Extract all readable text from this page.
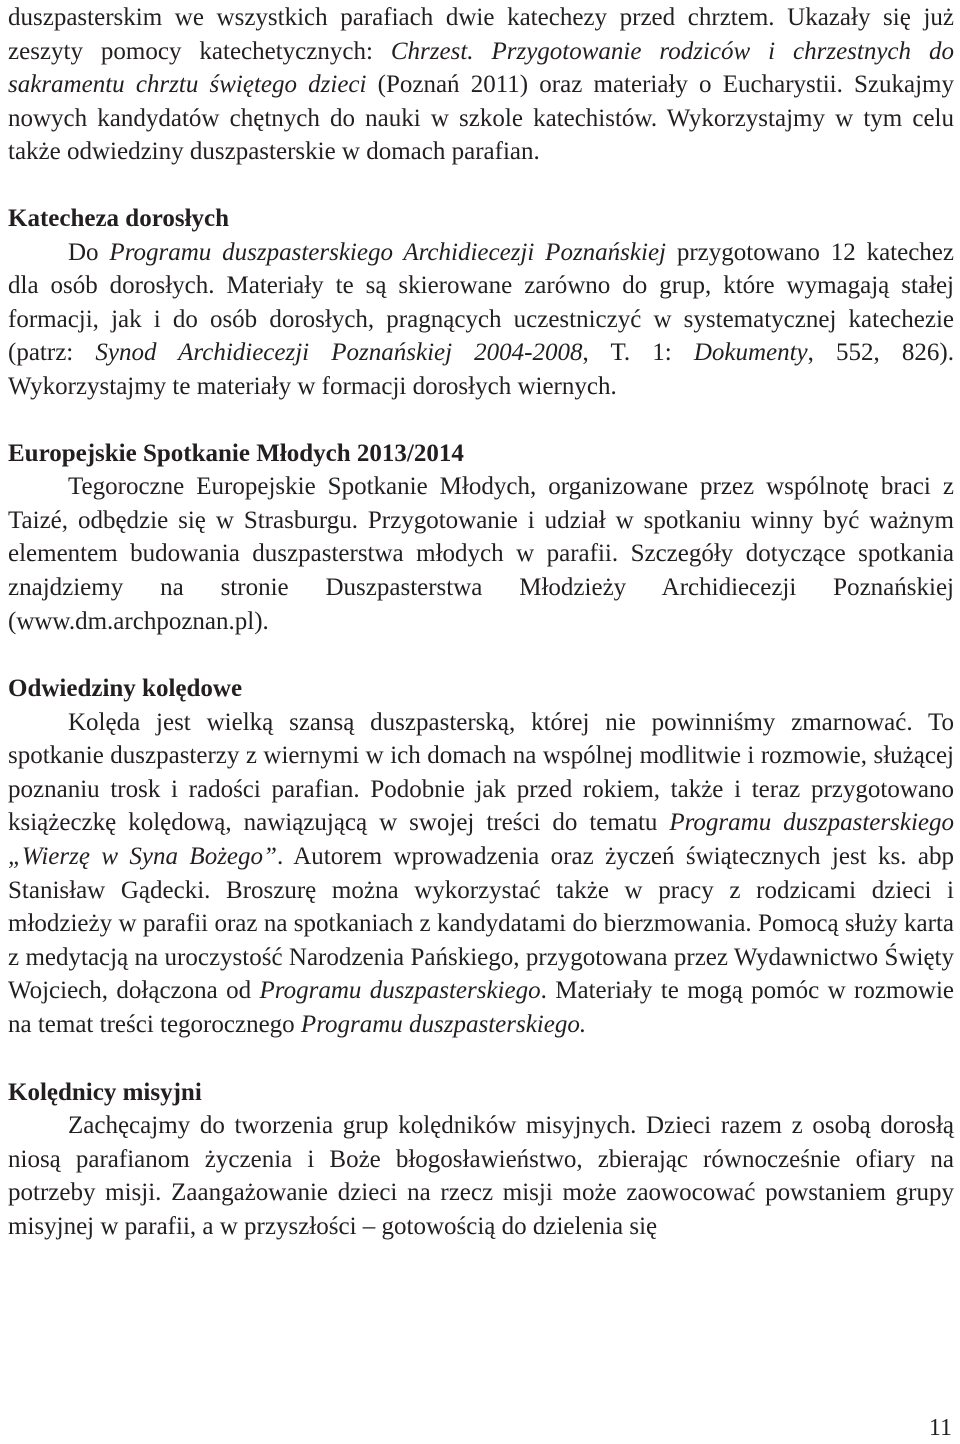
duszpasterskim we wszystkich parafiach dwie katechezy przed chrztem. Ukazały się już zeszyty pomocy katechetycznych: Chrzest. Przygotowanie rodziców i chrzestnych do sakramentu chrztu świętego dzieci (Poznań 2011) oraz materiały o Eucharystii. Szukajmy nowych kandydatów chętnych do nauki w szkole katechistów. Wykorzystajmy w tym celu także odwiedziny duszpasterskie w domach parafian.

Katecheza dorosłych

Do Programu duszpasterskiego Archidiecezji Poznańskiej przygotowano 12 katechez dla osób dorosłych. Materiały te są skierowane zarówno do grup, które wymagają stałej formacji, jak i do osób dorosłych, pragnących uczestniczyć w systematycznej katechezie (patrz: Synod Archidiecezji Poznańskiej 2004-2008, T. 1: Dokumenty, 552, 826). Wykorzystajmy te materiały w formacji dorosłych wiernych.

Europejskie Spotkanie Młodych 2013/2014

Tegoroczne Europejskie Spotkanie Młodych, organizowane przez wspólnotę braci z Taizé, odbędzie się w Strasburgu. Przygotowanie i udział w spotkaniu winny być ważnym elementem budowania duszpasterstwa młodych w parafii. Szczegóły dotyczące spotkania znajdziemy na stronie Duszpasterstwa Młodzieży Archidiecezji Poznańskiej (www.dm.archpoznan.pl).

Odwiedziny kolędowe

Kolęda jest wielką szansą duszpasterską, której nie powinniśmy zmarnować. To spotkanie duszpasterzy z wiernymi w ich domach na wspólnej modlitwie i rozmowie, służącej poznaniu trosk i radości parafian. Podobnie jak przed rokiem, także i teraz przygotowano książeczkę kolędową, nawiązującą w swojej treści do tematu Programu duszpasterskiego „Wierzę w Syna Bożego”. Autorem wprowadzenia oraz życzeń świątecznych jest ks. abp Stanisław Gądecki. Broszurę można wykorzystać także w pracy z rodzicami dzieci i młodzieży w parafii oraz na spotkaniach z kandydatami do bierzmowania. Pomocą służy karta z medytacją na uroczystość Narodzenia Pańskiego, przygotowana przez Wydawnictwo Święty Wojciech, dołączona od Programu duszpasterskiego. Materiały te mogą pomóc w rozmowie na temat treści tegorocznego Programu duszpasterskiego.

Kolędnicy misyjni

Zachęcajmy do tworzenia grup kolędników misyjnych. Dzieci razem z osobą dorosłą niosą parafianom życzenia i Boże błogosławieństwo, zbierając równocześnie ofiary na potrzeby misji. Zaangażowanie dzieci na rzecz misji może zaowocować powstaniem grupy misyjnej w parafii, a w przyszłości – gotowością do dzielenia się

11
